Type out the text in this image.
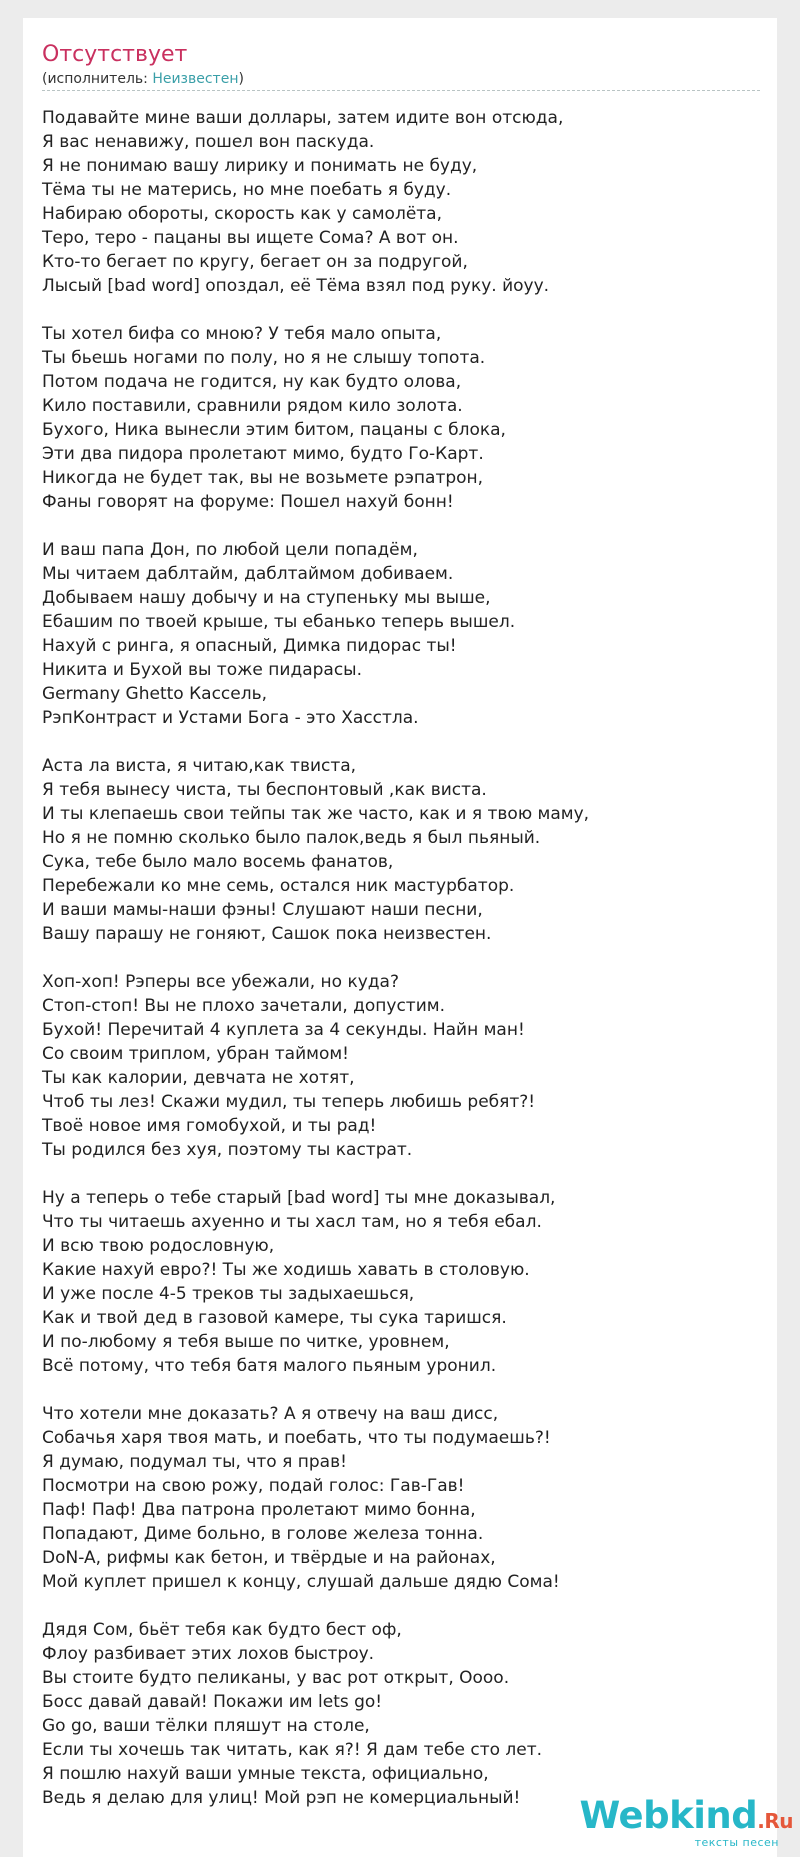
Отсутствует
(исполнитель: Неизвестен)
Подавайте мине ваши доллары, затем идите вон отсюда,
Я вас ненавижу, пошел вон паскуда.
Я не понимаю вашу лирику и понимать не буду,
Тёма ты не матерись, но мне поебать я буду.
Набираю обороты, скорость как у самолёта,
Теро, теро - пацаны вы ищете Сома? А вот он.
Кто-то бегает по кругу, бегает он за подругой,
Лысый [bad word] опоздал, её Тёма взял под руку. йоуу.
Ты хотел бифа со мною? У тебя мало опыта,
Ты бьешь ногами по полу, но я не слышу топота.
Потом подача не годится, ну как будто олова,
Кило поставили, сравнили рядом кило золота.
Бухого, Ника вынесли этим битом, пацаны с блока,
Эти два пидора пролетают мимо, будто Го-Карт.
Никогда не будет так, вы не возьмете рэпатрон,
Фаны говорят на форуме: Пошел нахуй бонн!
И ваш папа Дон, по любой цели попадём,
Мы читаем даблтайм, даблтаймом добиваем.
Добываем нашу добычу и на ступеньку мы выше,
Ебашим по твоей крыше, ты ебанько теперь вышел.
Нахуй с ринга, я опасный, Димка пидорас ты!
Никита и Бухой вы тоже пидарасы.
Germany Ghetto Кассель,
РэпКонтраст и Устами Бога - это Хасстла.
Аста ла виста, я читаю,как твиста,
Я тебя вынесу чиста, ты беспонтовый ,как виста.
И ты клепаешь свои тейпы так же часто, как и я твою маму,
Но я не помню сколько было палок,ведь я был пьяный.
Сука, тебе было мало восемь фанатов,
Перебежали ко мне семь, остался ник мастурбатор.
И ваши мамы-наши фэны! Слушают наши песни,
Вашу парашу не гоняют, Сашок пока неизвестен.
Хоп-хоп! Рэперы все убежали, но куда?
Стоп-стоп! Вы не плохо зачетали, допустим.
Бухой! Перечитай 4 куплета за 4 секунды. Найн ман!
Со своим триплом, убран таймом!
Ты как калории, девчата не хотят,
Чтоб ты лез! Скажи мудил, ты теперь любишь ребят?!
Твоё новое имя гомобухой, и ты рад!
Ты родился без хуя, поэтому ты кастрат.
Ну а теперь о тебе старый [bad word] ты мне доказывал,
Что ты читаешь ахуенно и ты хасл там, но я тебя ебал.
И всю твою родословную,
Какие нахуй евро?! Ты же ходишь хавать в столовую.
И уже после 4-5 треков ты задыхаешься,
Как и твой дед в газовой камере, ты сука таришся.
И по-любому я тебя выше по читке, уровнем,
Всё потому, что тебя батя малого пьяным уронил.
Что хотели мне доказать? А я отвечу на ваш дисс,
Собачья харя твоя мать, и поебать, что ты подумаешь?!
Я думаю, подумал ты, что я прав!
Посмотри на свою рожу, подай голос: Гав-Гав!
Паф! Паф! Два патрона пролетают мимо бонна,
Попадают, Диме больно, в голове железа тонна.
DoN-A, рифмы как бетон, и твёрдые и на районах,
Мой куплет пришел к концу, слушай дальше дядю Сома!
Дядя Сом, бьёт тебя как будто бест оф,
Флоу разбивает этих лохов быстроу.
Вы стоите будто пеликаны, у вас рот открыт, Оооо.
Босс давай давай! Покажи им lets go!
Go go, ваши тёлки пляшут на столе,
Если ты хочешь так читать, как я?! Я дам тебе сто лет.
Я пошлю нахуй ваши умные текста, официально,
Ведь я делаю для улиц! Мой рэп не комерциальный!	Webkind.Ru
тексты песен
